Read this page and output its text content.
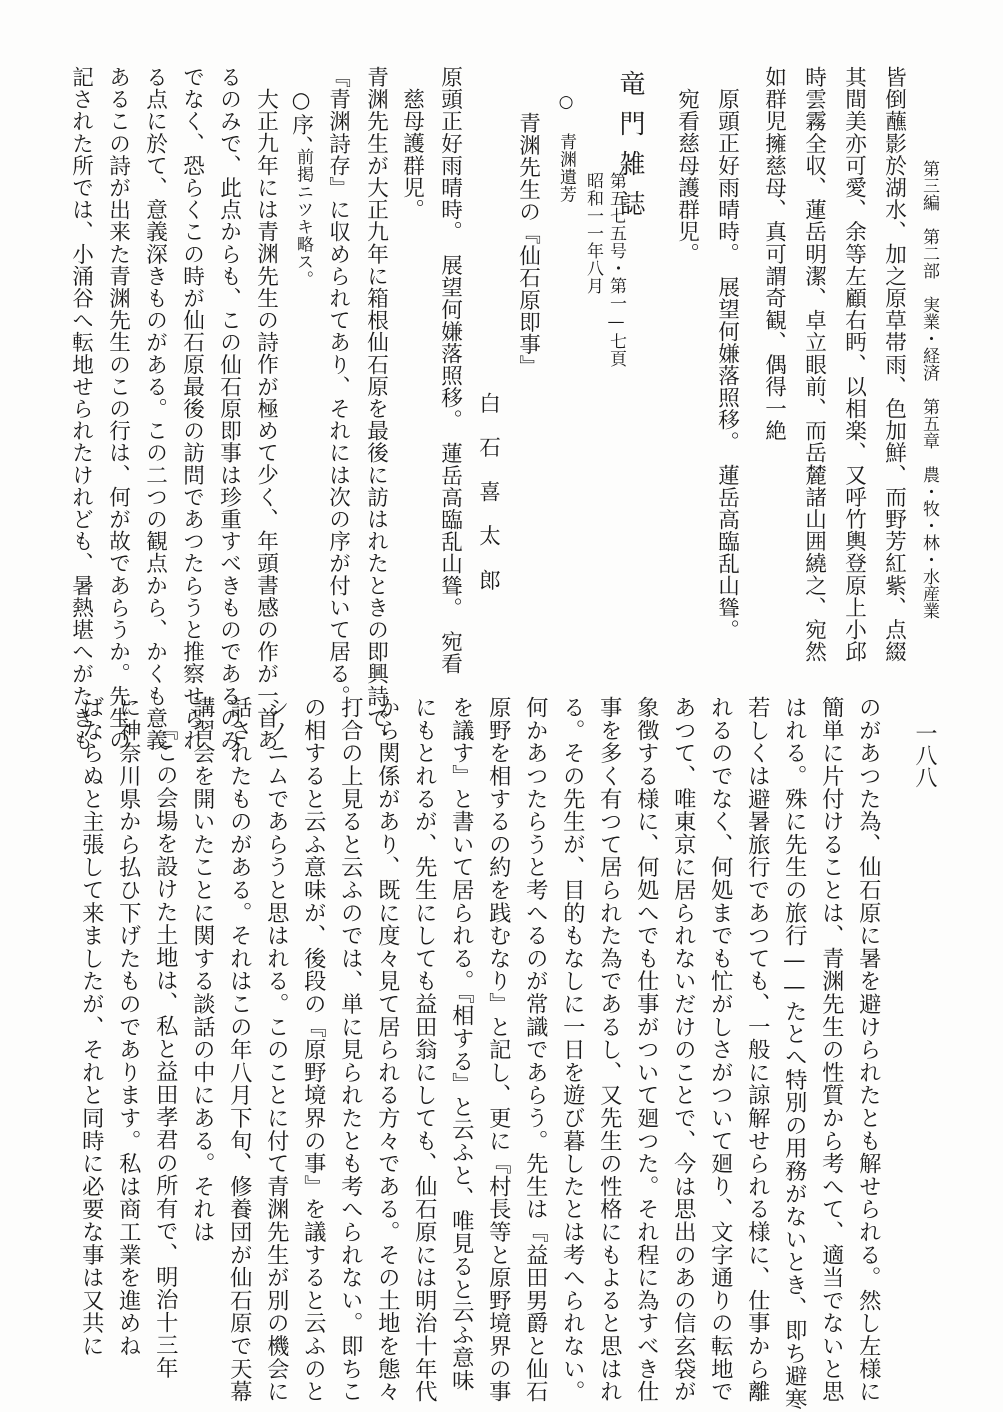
第三編　第二部　実業・経済　第五章　農・牧・林・水産業
一八八
皆倒蘸影於湖水、加之原草帯雨、色加鮮、而野芳紅紫、点綴
其間美亦可愛、余等左顧右眄、以相楽、又呼竹輿登原上小邱
時雲霧全収、蓮岳明潔、卓立眼前、而岳麓諸山囲繞之、宛然
如群児擁慈母、真可謂奇観、偶得一絶
原頭正好雨晴時。　展望何嫌落照移。　蓮岳高臨乱山聳。
宛看慈母護群児。
竜門雑誌
第五七五号・第一—七頁
昭和一一年八月
○ 青渊遺芳
青渊先生の『仙石原即事』
白　石　喜　太　郎
原頭正好雨晴時。　展望何嫌落照移。　蓮岳高臨乱山聳。　宛看
慈母護群児。
青渊先生が大正九年に箱根仙石原を最後に訪はれたときの即興詩で、
『青渊詩存』に収められてあり、それには次の序が付いて居る。
○序、
前掲ニツキ略ス。
大正九年には青渊先生の詩作が極めて少く、年頭書感の作が一首あ
るのみで、此点からも、この仙石原即事は珍重すべきものであるのみ
でなく、恐らくこの時が仙石原最後の訪問であつたらうと推察せられ
る点に於て、意義深きものがある。この二つの観点から、かくも意義
あるこの詩が出来た青渊先生のこの行は、何が故であらうか。先生の
記された所では、小涌谷へ転地せられたけれども、暑熱堪へがたきも
のがあつた為、仙石原に暑を避けられたとも解せられる。然し左様に
簡単に片付けることは、青渊先生の性質から考へて、適当でないと思
はれる。殊に先生の旅行——たとへ特別の用務がないとき、即ち避寒
若しくは避暑旅行であつても、一般に諒解せられる様に、仕事から離
れるのでなく、何処までも忙がしさがついて廻り、文字通りの転地で
あつて、唯東京に居られないだけのことで、今は思出のあの信玄袋が
象徴する様に、何処へでも仕事がついて廻つた。それ程に為すべき仕
事を多く有つて居られた為であるし、又先生の性格にもよると思はれ
る。その先生が、目的もなしに一日を遊び暮したとは考へられない。
何かあつたらうと考へるのが常識であらう。先生は『益田男爵と仙石
原野を相するの約を践むなり』と記し、更に『村長等と原野境界の事
を議す』と書いて居られる。『相する』と云ふと、唯見ると云ふ意味
にもとれるが、先生にしても益田翁にしても、仙石原には明治十年代
から関係があり、既に度々見て居られる方々である。その土地を態々
打合の上見ると云ふのでは、単に見られたとも考へられない。即ちこ
の相すると云ふ意味が、後段の『原野境界の事』を議すると云ふのと
シノニムであらうと思はれる。このことに付て青渊先生が別の機会に
話されたものがある。それはこの年八月下旬、修養団が仙石原で天幕
講習会を開いたことに関する談話の中にある。それは
『この会場を設けた土地は、私と益田孝君の所有で、明治十三年
に神奈川県から払ひ下げたものであります。私は商工業を進めね
ばならぬと主張して来ましたが、それと同時に必要な事は又共に
